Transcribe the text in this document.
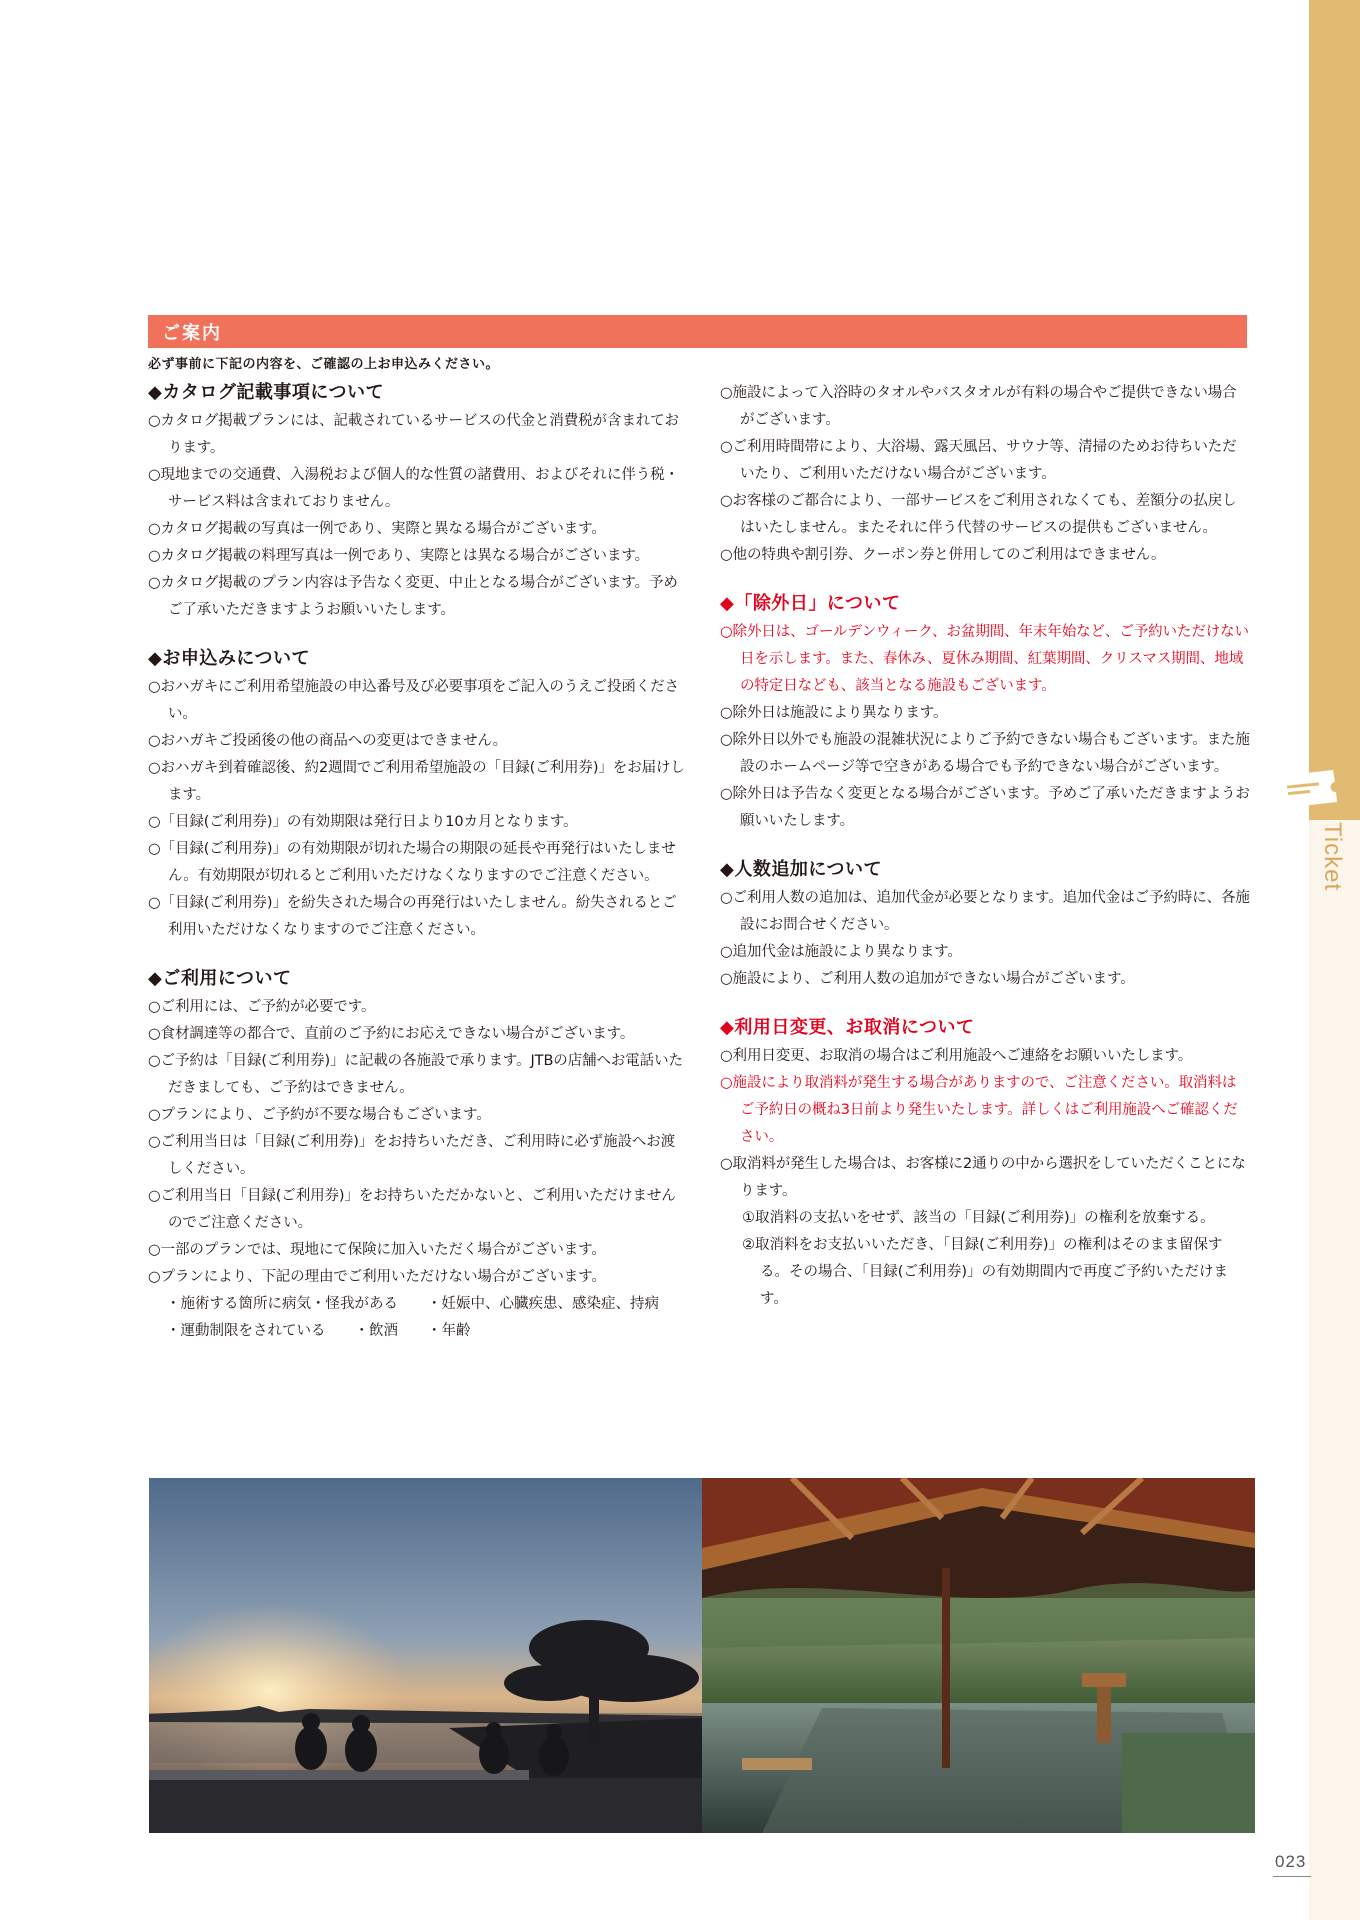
Ticket
ご案内
必ず事前に下記の内容を、ご確認の上お申込みください。
◆カタログ記載事項について
○カタログ掲載プランには、記載されているサービスの代金と消費税が含まれております。
○現地までの交通費、入湯税および個人的な性質の諸費用、およびそれに伴う税・サービス料は含まれておりません。
○カタログ掲載の写真は一例であり、実際と異なる場合がございます。
○カタログ掲載の料理写真は一例であり、実際とは異なる場合がございます。
○カタログ掲載のプラン内容は予告なく変更、中止となる場合がございます。予めご了承いただきますようお願いいたします。
◆お申込みについて
○おハガキにご利用希望施設の申込番号及び必要事項をご記入のうえご投函ください。
○おハガキご投函後の他の商品への変更はできません。
○おハガキ到着確認後、約2週間でご利用希望施設の「目録(ご利用券)」をお届けします。
○「目録(ご利用券)」の有効期限は発行日より10カ月となります。
○「目録(ご利用券)」の有効期限が切れた場合の期限の延長や再発行はいたしません。有効期限が切れるとご利用いただけなくなりますのでご注意ください。
○「目録(ご利用券)」を紛失された場合の再発行はいたしません。紛失されるとご利用いただけなくなりますのでご注意ください。
◆ご利用について
○ご利用には、ご予約が必要です。
○食材調達等の都合で、直前のご予約にお応えできない場合がございます。
○ご予約は「目録(ご利用券)」に記載の各施設で承ります。JTBの店舗へお電話いただきましても、ご予約はできません。
○プランにより、ご予約が不要な場合もございます。
○ご利用当日は「目録(ご利用券)」をお持ちいただき、ご利用時に必ず施設へお渡しください。
○ご利用当日「目録(ご利用券)」をお持ちいただかないと、ご利用いただけませんのでご注意ください。
○一部のプランでは、現地にて保険に加入いただく場合がございます。
○プランにより、下記の理由でご利用いただけない場合がございます。
・施術する箇所に病気・怪我がある　　・妊娠中、心臓疾患、感染症、持病
・運動制限をされている　　・飲酒　　・年齢
○施設によって入浴時のタオルやバスタオルが有料の場合やご提供できない場合がございます。
○ご利用時間帯により、大浴場、露天風呂、サウナ等、清掃のためお待ちいただいたり、ご利用いただけない場合がございます。
○お客様のご都合により、一部サービスをご利用されなくても、差額分の払戻しはいたしません。またそれに伴う代替のサービスの提供もございません。
○他の特典や割引券、クーポン券と併用してのご利用はできません。
◆「除外日」について
○除外日は、ゴールデンウィーク、お盆期間、年末年始など、ご予約いただけない日を示します。また、春休み、夏休み期間、紅葉期間、クリスマス期間、地域の特定日なども、該当となる施設もございます。
○除外日は施設により異なります。
○除外日以外でも施設の混雑状況によりご予約できない場合もございます。また施設のホームページ等で空きがある場合でも予約できない場合がございます。
○除外日は予告なく変更となる場合がございます。予めご了承いただきますようお願いいたします。
◆人数追加について
○ご利用人数の追加は、追加代金が必要となります。追加代金はご予約時に、各施設にお問合せください。
○追加代金は施設により異なります。
○施設により、ご利用人数の追加ができない場合がございます。
◆利用日変更、お取消について
○利用日変更、お取消の場合はご利用施設へご連絡をお願いいたします。
○施設により取消料が発生する場合がありますので、ご注意ください。取消料はご予約日の概ね3日前より発生いたします。詳しくはご利用施設へご確認ください。
○取消料が発生した場合は、お客様に2通りの中から選択をしていただくことになります。
①取消料の支払いをせず、該当の「目録(ご利用券)」の権利を放棄する。
②取消料をお支払いいただき、「目録(ご利用券)」の権利はそのまま留保する。その場合、「目録(ご利用券)」の有効期間内で再度ご予約いただけます。
023
